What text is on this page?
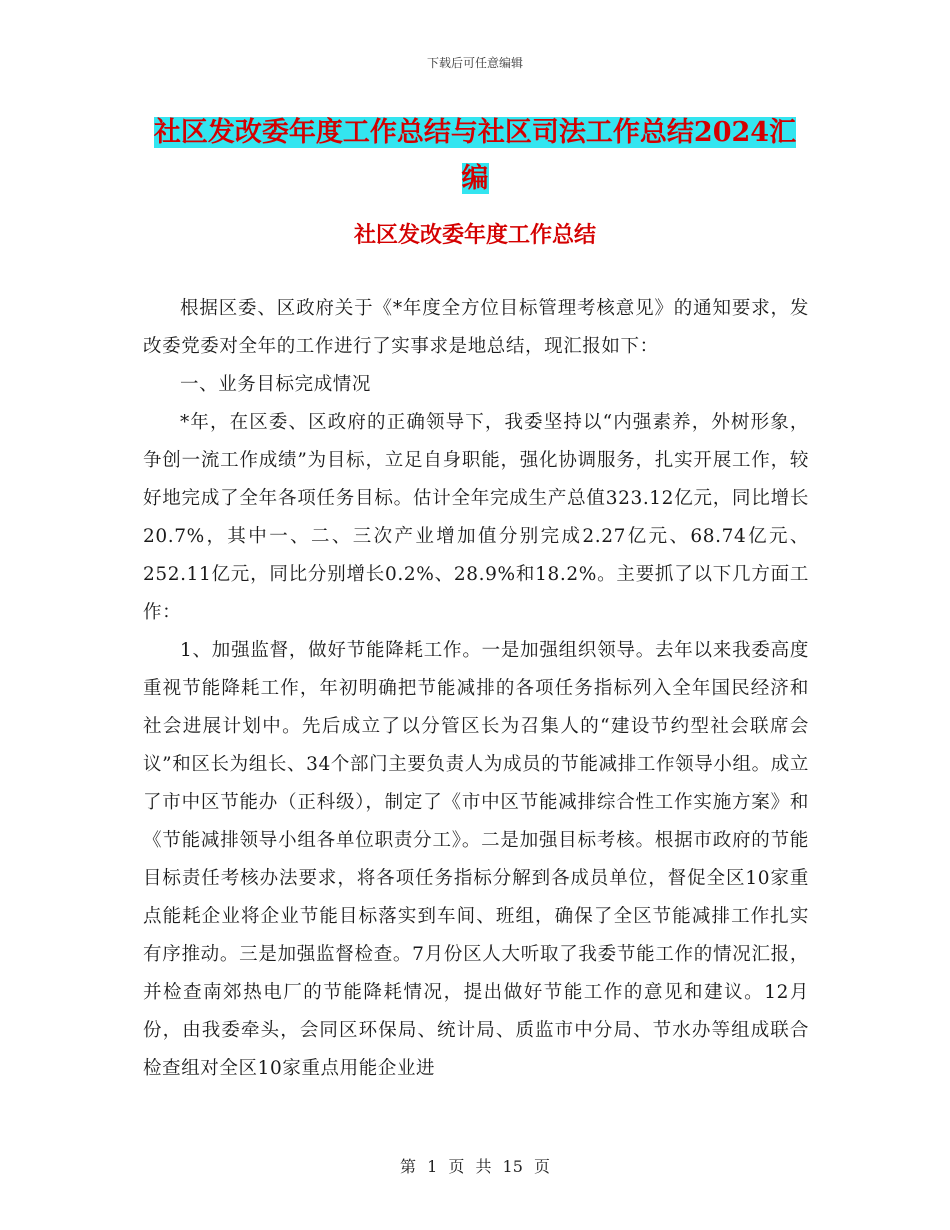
下载后可任意编辑
社区发改委年度工作总结与社区司法工作总结2024汇
编
社区发改委年度工作总结

根据区委、区政府关于《*年度全方位目标管理考核意见》的通知要求，发改委党委对全年的工作进行了实事求是地总结，现汇报如下：

一、业务目标完成情况

*年，在区委、区政府的正确领导下，我委坚持以“内强素养，外树形象，争创一流工作成绩”为目标，立足自身职能，强化协调服务，扎实开展工作，较好地完成了全年各项任务目标。估计全年完成生产总值323.12亿元，同比增长20.7%，其中一、二、三次产业增加值分别完成2.27亿元、68.74亿元、252.11亿元，同比分别增长0.2%、28.9%和18.2%。主要抓了以下几方面工作：

1、加强监督，做好节能降耗工作。一是加强组织领导。去年以来我委高度重视节能降耗工作，年初明确把节能减排的各项任务指标列入全年国民经济和社会进展计划中。先后成立了以分管区长为召集人的“建设节约型社会联席会议”和区长为组长、34个部门主要负责人为成员的节能减排工作领导小组。成立了市中区节能办（正科级），制定了《市中区节能减排综合性工作实施方案》和《节能减排领导小组各单位职责分工》。二是加强目标考核。根据市政府的节能目标责任考核办法要求，将各项任务指标分解到各成员单位，督促全区10家重点能耗企业将企业节能目标落实到车间、班组，确保了全区节能减排工作扎实有序推动。三是加强监督检查。7月份区人大听取了我委节能工作的情况汇报，并检查南郊热电厂的节能降耗情况，提出做好节能工作的意见和建议。12月份，由我委牵头，会同区环保局、统计局、质监市中分局、节水办等组成联合检查组对全区10家重点用能企业进

第 1 页 共 15 页
